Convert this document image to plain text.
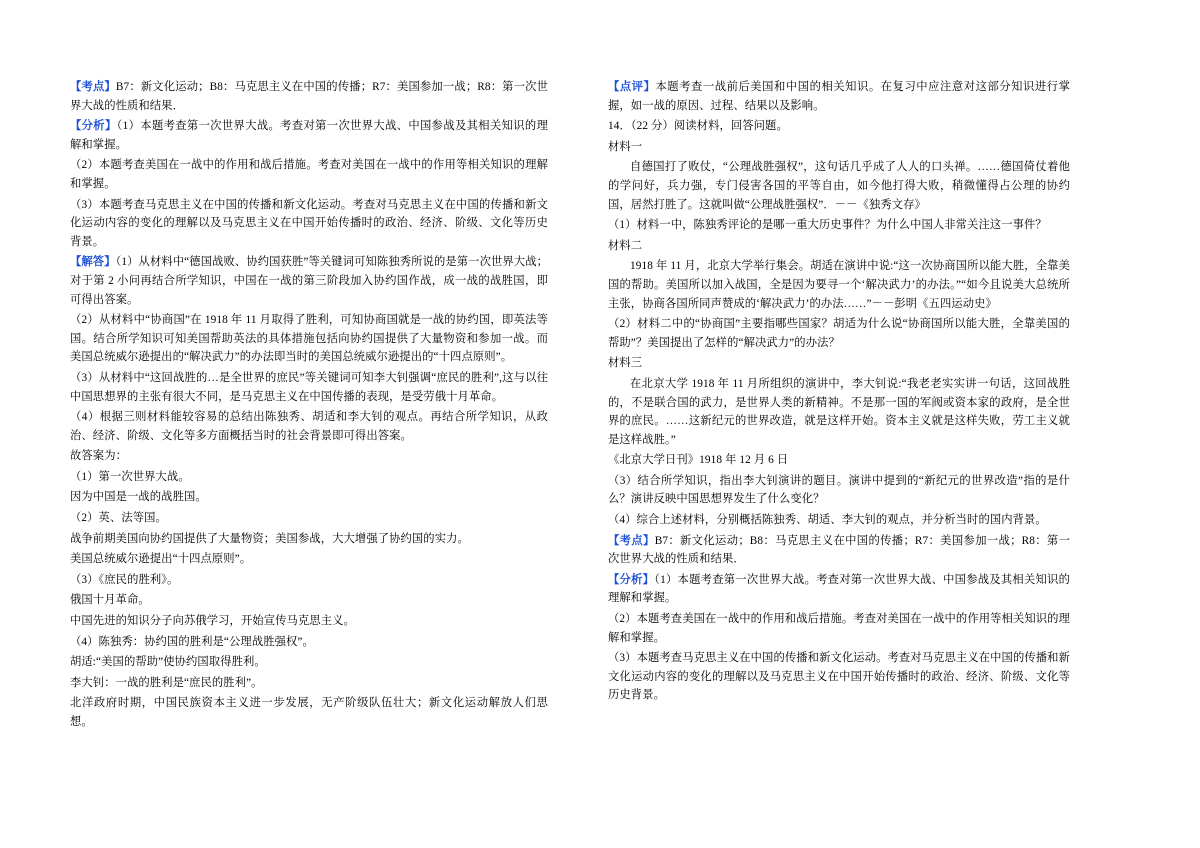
【考点】B7：新文化运动；B8：马克思主义在中国的传播；R7：美国参加一战；R8：第一次世界大战的性质和结果．

【分析】（1）本题考查第一次世界大战。考查对第一次世界大战、中国参战及其相关知识的理解和掌握。

（2）本题考查美国在一战中的作用和战后措施。考查对美国在一战中的作用等相关知识的理解和掌握。

（3）本题考查马克思主义在中国的传播和新文化运动。考查对马克思主义在中国的传播和新文化运动内容的变化的理解以及马克思主义在中国开始传播时的政治、经济、阶级、文化等历史背景。

【解答】（1）从材料中“德国战败、协约国获胜”等关键词可知陈独秀所说的是第一次世界大战；对于第 2 小问再结合所学知识，中国在一战的第三阶段加入协约国作战，成一战的战胜国，即可得出答案。

（2）从材料中“协商国”在 1918 年 11 月取得了胜利，可知协商国就是一战的协约国，即英法等国。结合所学知识可知美国帮助英法的具体措施包括向协约国提供了大量物资和参加一战。而美国总统威尔逊提出的“解决武力”的办法即当时的美国总统威尔逊提出的“十四点原则”。

（3）从材料中“这回战胜的…是全世界的庶民”等关键词可知李大钊强调“庶民的胜利”,这与以往中国思想界的主张有很大不同，是马克思主义在中国传播的表现，是受劳俄十月革命。

（4）根据三则材料能较容易的总结出陈独秀、胡适和李大钊的观点。再结合所学知识，从政治、经济、阶级、文化等多方面概括当时的社会背景即可得出答案。

故答案为：

（1）第一次世界大战。

因为中国是一战的战胜国。

（2）英、法等国。

战争前期美国向协约国提供了大量物资；美国参战，大大增强了协约国的实力。

美国总统威尔逊提出“十四点原则”。

（3）《庶民的胜利》。

俄国十月革命。

中国先进的知识分子向苏俄学习，开始宣传马克思主义。

（4）陈独秀：协约国的胜利是“公理战胜强权”。

胡适:“美国的帮助”使协约国取得胜利。

李大钊：一战的胜利是“庶民的胜利”。

北洋政府时期，中国民族资本主义进一步发展，无产阶级队伍壮大；新文化运动解放人们思想。

【点评】本题考查一战前后美国和中国的相关知识。在复习中应注意对这部分知识进行掌握，如一战的原因、过程、结果以及影响。

14．（22 分）阅读材料，回答问题。

材料一

自德国打了败仗，“公理战胜强权”，这句话几乎成了人人的口头禅。……德国倚仗着他的学问好，兵力强，专门侵害各国的平等自由，如今他打得大败，稍微懂得占公理的协约国，居然打胜了。这就叫做“公理战胜强权”．－－《独秀文存》

（1）材料一中，陈独秀评论的是哪一重大历史事件？为什么中国人非常关注这一事件？

材料二

1918 年 11 月，北京大学举行集会。胡适在演讲中说:“这一次协商国所以能大胜，全靠美国的帮助。美国所以加入战国，全是因为要寻一个‘解决武力’的办法。”“如今且说美大总统所主张，协商各国所同声赞成的‘解决武力’的办法……”－－彭明《五四运动史》

（2）材料二中的“协商国”主要指哪些国家？胡适为什么说“协商国所以能大胜，全靠美国的帮助”？美国提出了怎样的“解决武力”的办法？

材料三

在北京大学 1918 年 11 月所组织的演讲中，李大钊说:“我老老实实讲一句话，这回战胜的，不是联合国的武力，是世界人类的新精神。不是那一国的军阀或资本家的政府，是全世界的庶民。……这新纪元的世界改造，就是这样开始。资本主义就是这样失败，劳工主义就是这样战胜。”

《北京大学日刊》1918 年 12 月 6 日

（3）结合所学知识，指出李大钊演讲的题目。演讲中提到的“新纪元的世界改造”指的是什么？演讲反映中国思想界发生了什么变化？

（4）综合上述材料，分别概括陈独秀、胡适、李大钊的观点，并分析当时的国内背景。

【考点】B7：新文化运动；B8：马克思主义在中国的传播；R7：美国参加一战；R8：第一次世界大战的性质和结果．

【分析】（1）本题考查第一次世界大战。考查对第一次世界大战、中国参战及其相关知识的理解和掌握。

（2）本题考查美国在一战中的作用和战后措施。考查对美国在一战中的作用等相关知识的理解和掌握。

（3）本题考查马克思主义在中国的传播和新文化运动。考查对马克思主义在中国的传播和新文化运动内容的变化的理解以及马克思主义在中国开始传播时的政治、经济、阶级、文化等历史背景。
